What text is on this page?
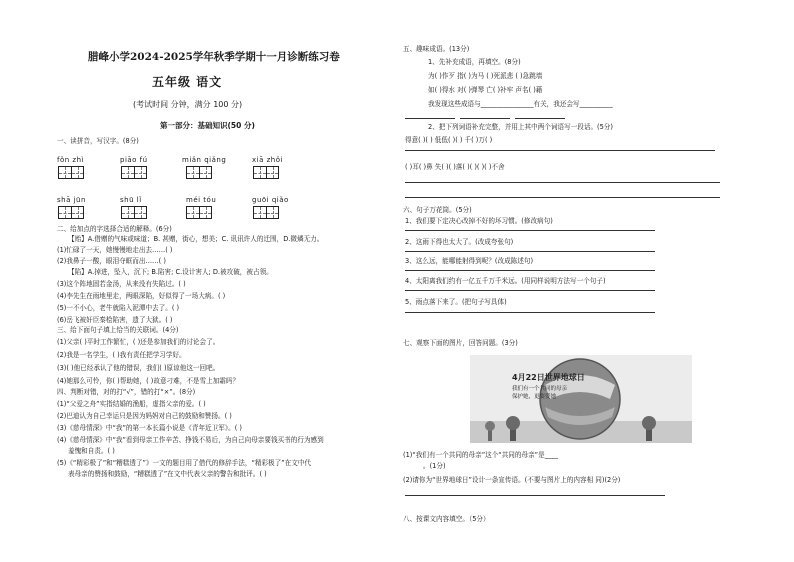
腊峰小学2024-2025学年秋季学期十一月诊断练习卷
五年级 语文
(考试时间 分钟，满分 100 分)
第一部分：基础知识(50 分)
一、读拼音，写汉字。(8分)
fǒn zhì	piāo fú	miǎn qiǎng	xiā zhǒi
shā jūn	shū lǐ	méi tóu	guōi qiǎo
二、给加点的字选择合适的解释。(6分)
【贻】A.借赠的气味或味道；B. 甚赠，街心，想美；C. 讯讯许人的迁围，D.微燐无力。
(1)忙碌了一天，她慢慢地走出去……( )
(2)我鼻子一酸，眼泪夺眶而出……( )
【陷】A.掉进，坠入，沉下; B.陷害; C.设计害人; D.被攻破，被占领。
(3)这个阵地固若金汤，从来没有失陷过。( )
(4)李先生在雨地里走，两眼深陷，好似得了一场大病。( )
(5)一不小心，老牛就陷入泥潭中去了。( )
(6)岳飞被奸臣秦桧陷害，遗了大狱。( )
三、给下面句子填上恰当的关联词。(4分)
(1)父亲( )平时工作繁忙，( )还是参加我们的讨论会了。
(2)我是一名学生，( )我有责任把学习学好。
(3)( )他已经承认了他的错误，我们( )原谅他这一回吧。
(4)她那么可怜，你( )帮助她，( )故意刁难，不是雪上加霜吗？
四、判断对错，对的打“√”，错的打“×”。(8分)
(1)“父爱之舟”实指结婚的渔船，虚指父亲的爱。( )
(2)巴迪认为自己幸运只是因为妈妈对自己的鼓励和赞扬。( )
(3)《慈母情深》中“我”的第一本长篇小说是《青年近卫军》。( )
(4)《慈母情深》中“我”看到母亲工作辛苦、挣钱不易后，为自己向母亲要钱买书的行为感到
羞愧和自责。( )
(5)《“精彩极了”和“糟糕透了”》一文的题目用了借代的修辞手法，“精彩极了”在文中代
表母亲的赞扬和鼓励，“糟糕透了”在文中代表父亲的警告和批评。( )
五、趣味成语。(13分)
1、先补充成语，再填空。(8分)
为( )作歹 指( )为马 ( )死派悲 ( )急跳墙
如( )得水 对( )弹琴 亡( )补牢 声名( )藉
我发现这些成语与________________有关，我还会写__________
2、把下列词语补充完整，并用上其中两个词语写一段话。(5分)
得意( )( ) 低低( )( ) 千( )万( )
( )耳( )鼻 失( )( )落( )( )( )( )不舍
六、句子万花筒。(5分)
1、我们要下定决心改掉不好的坏习惯。(修改病句)
2、这雨下得也太大了。(改成夸张句)
3、这么远，能哪能射得到呢？(改成陈述句)
4、太阳离我们约有一亿五千万千米远。(用同样说明方法写一个句子)
5、雨点落下来了。(把句子写具体)
七、观察下面的图片，回答问题。(3分)
4月22日世界地球日
我们有一个共同的母亲
保护她，更要爱她
(1)“我们有一个共同的母亲”这个“共同的母亲”是____
。(1分)
(2)请你为“世界地球日”设计一条宣传语。(不要与图片上的内容相 同)(2分)
八、按课文内容填空。（5分）
